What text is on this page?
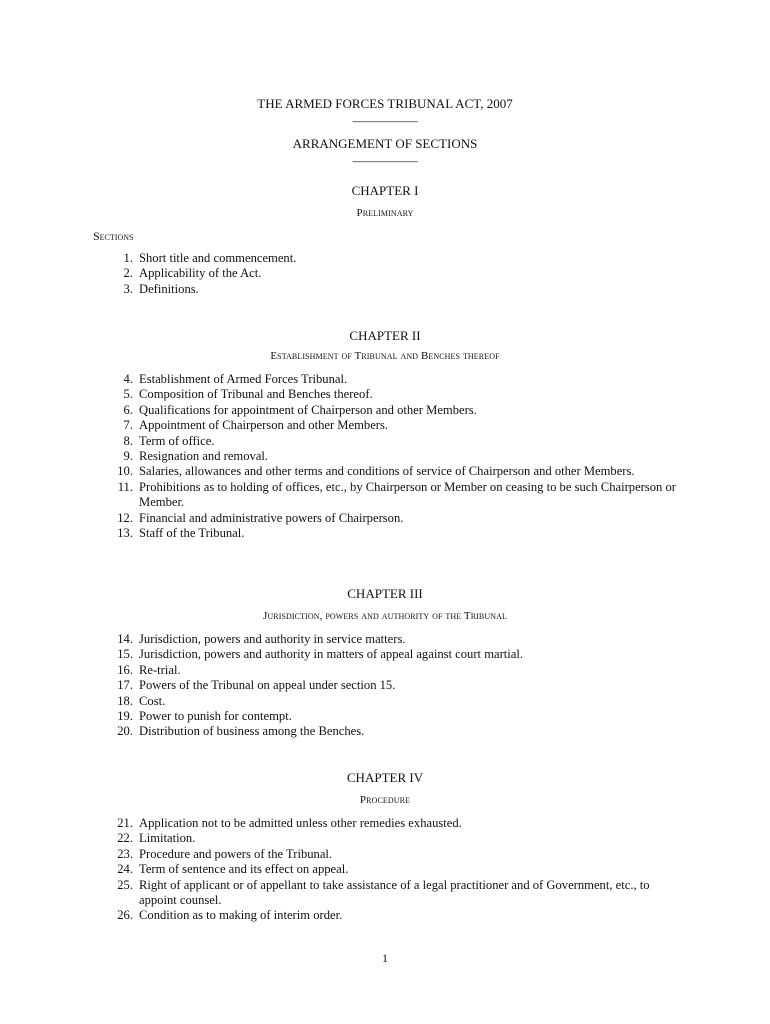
THE ARMED FORCES TRIBUNAL ACT, 2007
—————
ARRANGEMENT OF SECTIONS
—————
CHAPTER I
Preliminary
Sections
1. Short title and commencement.
2. Applicability of the Act.
3. Definitions.
CHAPTER II
Establishment of Tribunal and Benches thereof
4. Establishment of Armed Forces Tribunal.
5. Composition of Tribunal and Benches thereof.
6. Qualifications for appointment of Chairperson and other Members.
7. Appointment of Chairperson and other Members.
8. Term of office.
9. Resignation and removal.
10. Salaries, allowances and other terms and conditions of service of Chairperson and other Members.
11. Prohibitions as to holding of offices, etc., by Chairperson or Member on ceasing to be such Chairperson or Member.
12. Financial and administrative powers of Chairperson.
13. Staff of the Tribunal.
CHAPTER III
Jurisdiction, powers and authority of the Tribunal
14. Jurisdiction, powers and authority in service matters.
15. Jurisdiction, powers and authority in matters of appeal against court martial.
16. Re-trial.
17. Powers of the Tribunal on appeal under section 15.
18. Cost.
19. Power to punish for contempt.
20. Distribution of business among the Benches.
CHAPTER IV
Procedure
21. Application not to be admitted unless other remedies exhausted.
22. Limitation.
23. Procedure and powers of the Tribunal.
24. Term of sentence and its effect on appeal.
25. Right of applicant or of appellant to take assistance of a legal practitioner and of Government, etc., to appoint counsel.
26. Condition as to making of interim order.
1
